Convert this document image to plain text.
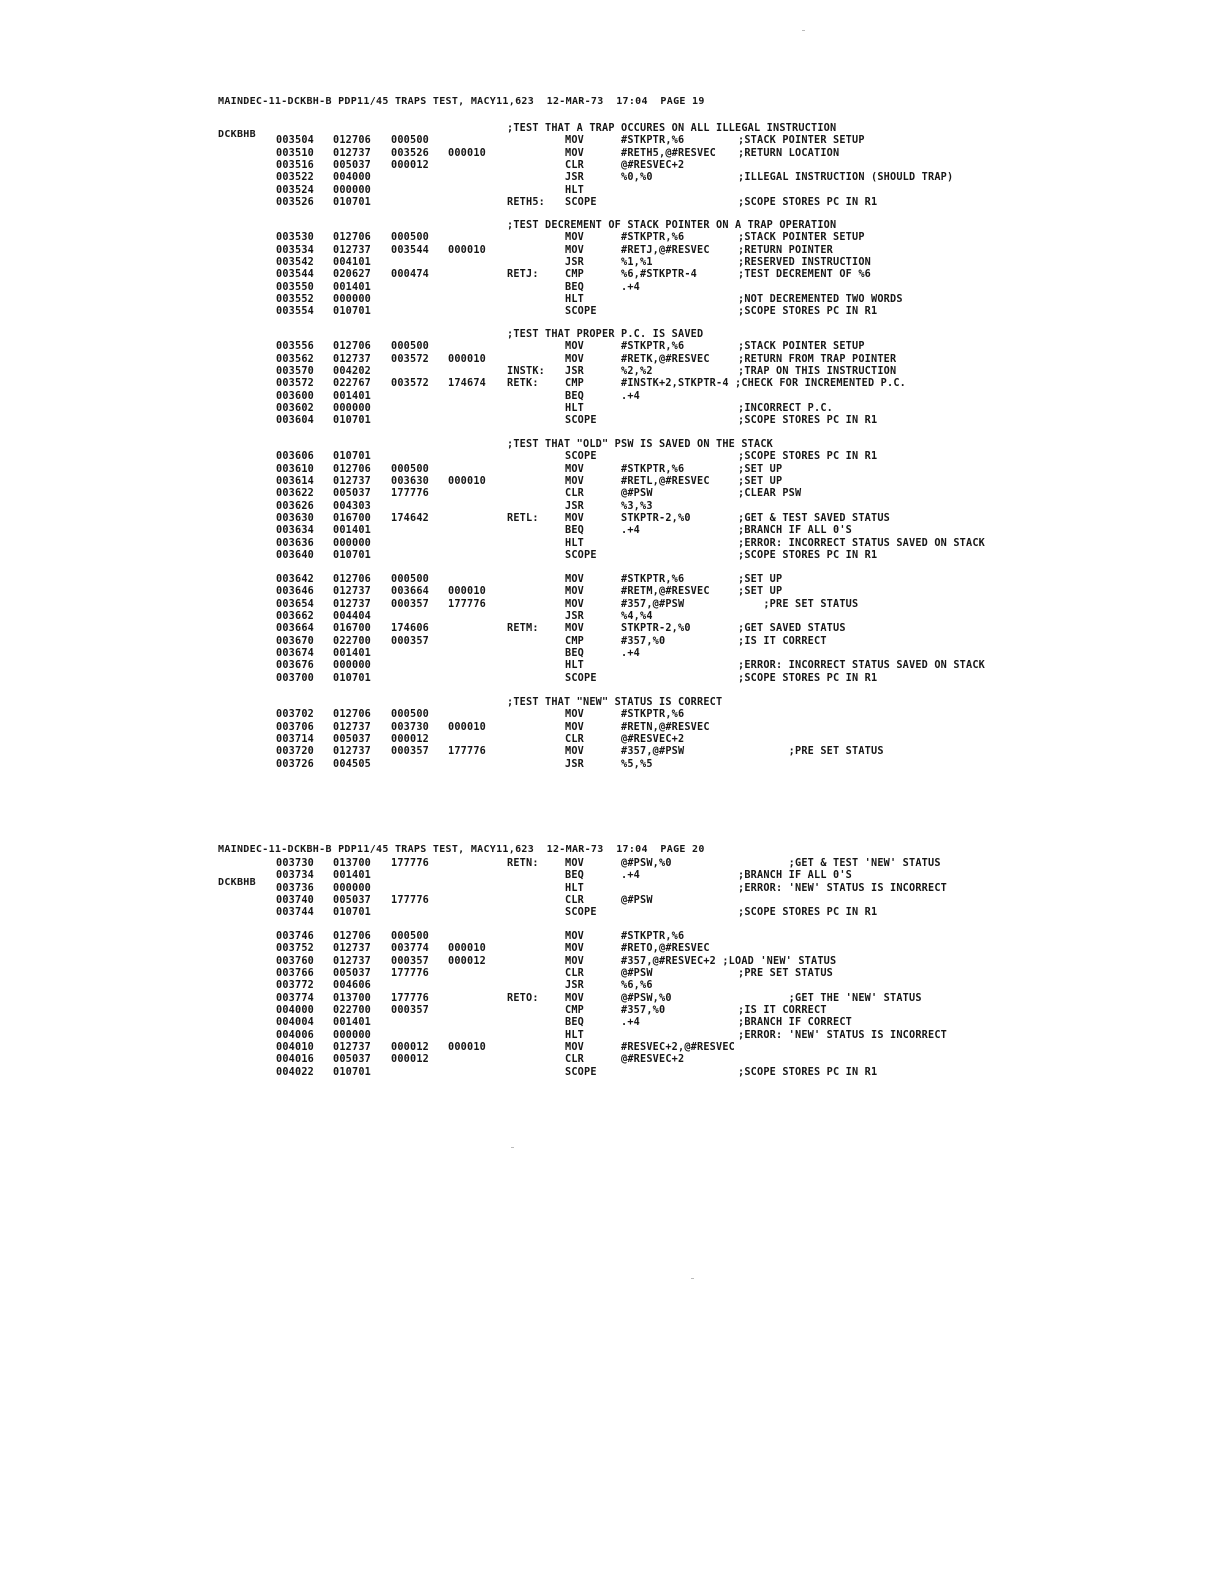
MAINDEC-11-DCKBH-B PDP11/45 TRAPS TEST, MACY11,623  12-MAR-73  17:04  PAGE 19

DCKBHB

;TEST THAT A TRAP OCCURES ON ALL ILLEGAL INSTRUCTION
003504 012706 000500	MOV	#STKPTR,%6	;STACK POINTER SETUP
003510 012737 003526 000010	MOV	#RETH5,@#RESVEC ;RETURN LOCATION
003516 005037 000012	CLR	@#RESVEC+2
003522 004000	JSR	%0,%0	;ILLEGAL INSTRUCTION (SHOULD TRAP)
003524 000000	HLT
003526 010701	RETH5: SCOPE	;SCOPE STORES PC IN R1
;TEST DECREMENT OF STACK POINTER ON A TRAP OPERATION
003530 012706 000500	MOV	#STKPTR,%6	;STACK POINTER SETUP
003534 012737 003544 000010	MOV	#RETJ,@#RESVEC	;RETURN POINTER
003542 004101	JSR	%1,%1	;RESERVED INSTRUCTION
003544 020627 000474	RETJ:	CMP	%6,#STKPTR-4	;TEST DECREMENT OF %6
003550 001401	BEQ	.+4
003552 000000	HLT	;NOT DECREMENTED TWO WORDS
003554 010701	SCOPE	;SCOPE STORES PC IN R1
;TEST THAT PROPER P.C. IS SAVED
003556 012706 000500	MOV	#STKPTR,%6	;STACK POINTER SETUP
003562 012737 003572 000010	MOV	#RETK,@#RESVEC	;RETURN FROM TRAP POINTER
003570 004202	INSTK: JSR	%2,%2	;TRAP ON THIS INSTRUCTION
003572 022767 003572 174674 RETK:	CMP	#INSTK+2,STKPTR-4 ;CHECK FOR INCREMENTED P.C.
003600 001401	BEQ	.+4
003602 000000	HLT	;INCORRECT P.C.
003604 010701	SCOPE	;SCOPE STORES PC IN R1
;TEST THAT "OLD" PSW IS SAVED ON THE STACK
003606 010701	SCOPE	;SCOPE STORES PC IN R1
003610 012706 000500	MOV	#STKPTR,%6	;SET UP
003614 012737 003630 000010	MOV	#RETL,@#RESVEC	;SET UP
003622 005037 177776	CLR	@#PSW	;CLEAR PSW
003626 004303	JSR	%3,%3
003630 016700 174642	RETL:	MOV	STKPTR-2,%0	;GET & TEST SAVED STATUS
003634 001401	BEQ	.+4	;BRANCH IF ALL 0'S
003636 000000	HLT	;ERROR: INCORRECT STATUS SAVED ON STACK
003640 010701	SCOPE	;SCOPE STORES PC IN R1
003642 012706 000500	MOV	#STKPTR,%6	;SET UP
003646 012737 003664 000010	MOV	#RETM,@#RESVEC	;SET UP
003654 012737 000357 177776	MOV	#357,@#PSW	;PRE SET STATUS
003662 004404	JSR	%4,%4
003664 016700 174606	RETM:	MOV	STKPTR-2,%0	;GET SAVED STATUS
003670 022700 000357	CMP	#357,%0	;IS IT CORRECT
003674 001401	BEQ	.+4
003676 000000	HLT	;ERROR: INCORRECT STATUS SAVED ON STACK
003700 010701	SCOPE	;SCOPE STORES PC IN R1
;TEST THAT "NEW" STATUS IS CORRECT
003702 012706 000500	MOV	#STKPTR,%6
003706 012737 003730 000010	MOV	#RETN,@#RESVEC
003714 005037 000012	CLR	@#RESVEC+2
003720 012737 000357 177776	MOV	#357,@#PSW	;PRE SET STATUS
003726 004505	JSR	%5,%5

MAINDEC-11-DCKBH-B PDP11/45 TRAPS TEST, MACY11,623  12-MAR-73  17:04  PAGE 20

DCKBHB

003730 013700 177776	RETN:	MOV	@#PSW,%0	;GET & TEST 'NEW' STATUS
003734 001401	BEQ	.+4	;BRANCH IF ALL 0'S
003736 000000	HLT	;ERROR: 'NEW' STATUS IS INCORRECT
003740 005037 177776	CLR	@#PSW
003744 010701	SCOPE	;SCOPE STORES PC IN R1
003746 012706 000500	MOV	#STKPTR,%6
003752 012737 003774 000010	MOV	#RETO,@#RESVEC
003760 012737 000357 000012	MOV	#357,@#RESVEC+2 ;LOAD 'NEW' STATUS
003766 005037 177776	CLR	@#PSW	;PRE SET STATUS
003772 004606	JSR	%6,%6
003774 013700 177776	RETO:	MOV	@#PSW,%0	;GET THE 'NEW' STATUS
004000 022700 000357	CMP	#357,%0	;IS IT CORRECT
004004 001401	BEQ	.+4	;BRANCH IF CORRECT
004006 000000	HLT	;ERROR: 'NEW' STATUS IS INCORRECT
004010 012737 000012 000010	MOV	#RESVEC+2,@#RESVEC
004016 005037 000012	CLR	@#RESVEC+2
004022 010701	SCOPE	;SCOPE STORES PC IN R1
